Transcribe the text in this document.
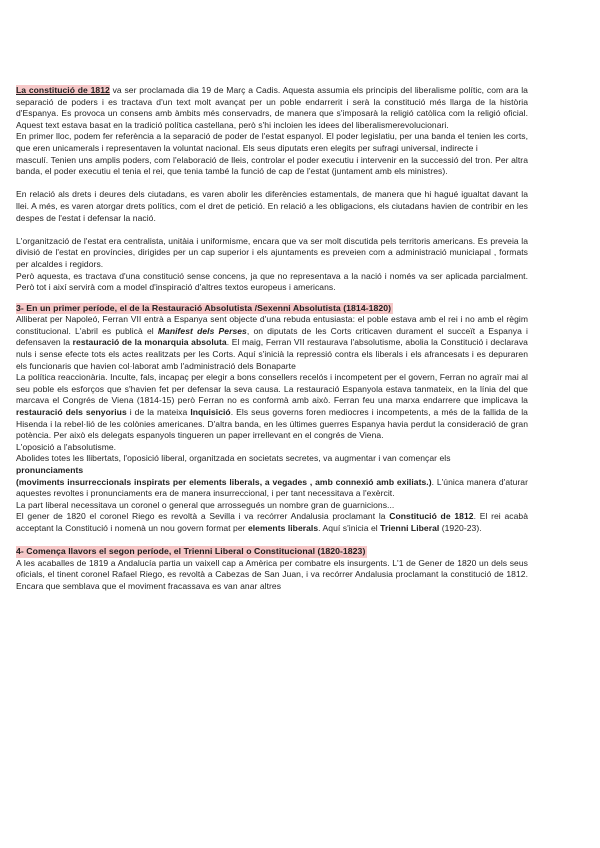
La constitució de 1812 va ser proclamada dia 19 de Març a Cadis. Aquesta assumia els principis del liberalisme polític, com ara la separació de poders i es tractava d'un text molt avançat per un poble endarrerit i serà la constitució més llarga de la història d'Espanya. Es provoca un consens amb àmbits més conservadrs, de manera que s'imposarà la religió catòlica com la religió oficial. Aquest text estava basat en la tradició política castellana, però s'hi incloien les idees del liberalismerevolucionari.

En primer lloc, podem fer referència a la separació de poder de l'estat espanyol. El poder legislatiu, per una banda el tenien les corts, que eren unicamerals i representaven la voluntat nacional. Els seus diputats eren elegits per sufragi universal, indirecte i

masculí. Tenien uns amplis poders, com l'elaboració de lleis, controlar el poder executiu i intervenir en la successió del tron. Per altra banda, el poder executiu el tenia el rei, que tenia també la funció de cap de l'estat (juntament amb els ministres).

En relació als drets i deures dels ciutadans, es varen abolir les diferències estamentals, de manera que hi hagué igualtat davant la llei. A més, es varen atorgar drets polítics, com el dret de petició. En relació a les obligacions, els ciutadans havien de contribir en les despes de l'estat i defensar la nació.

L'organització de l'estat era centralista, unitàia i uniformisme, encara que va ser molt discutida pels territoris americans. Es preveia la divisió de l'estat en províncies, dirigides per un cap superior i els ajuntaments es preveien com a administració municiapal , formats per alcaldes i regidors.

Però aquesta, es tractava d'una constitució sense concens, ja que no representava a la nació i només va ser aplicada parcialment. Però tot i així servirà com a model d'inspiració d'altres textos europeus i americans.

3- En un primer període, el de la Restauració Absolutista /Sexenni Absolutista (1814-1820)

Alliberat per Napoleó, Ferran VII entrà a Espanya sent objecte d'una rebuda entusiasta: el poble estava amb el rei i no amb el règim constitucional. L'abril es publicà el Manifest dels Perses, on diputats de les Corts criticaven durament el succeït a Espanya i defensaven la restauració de la monarquia absoluta. El maig, Ferran VII restaurava l'absolutisme, abolia la Constitució i declarava nuls i sense efecte tots els actes realitzats per les Corts. Aquí s'inicià la repressió contra els liberals i els afrancesats i es depuraren els funcionaris que havien col·laborat amb l'administració dels Bonaparte

La política reaccionària. Inculte, fals, incapaç per elegir a bons consellers recelós i incompetent per el govern, Ferran no agraïr mai al seu poble els esforços que s'havien fet per defensar la seva causa. La restauració Espanyola estava tanmateix, en la línia del que marcava el Congrés de Viena (1814-15) però Ferran no es conformà amb això. Ferran feu una marxa endarrere que implicava la restauració dels senyorius i de la mateixa Inquisició. Els seus governs foren mediocres i incompetents, a més de la fallida de la Hisenda i la rebel·lió de les colònies americanes. D'altra banda, en les últimes guerres Espanya havia perdut la consideració de gran potència. Per això els delegats espanyols tingueren un paper irrellevant en el congrés de Viena.

L'oposició a l'absolutisme.

Abolides totes les llibertats, l'oposició liberal, organitzada en societats secretes, va augmentar i van començar els
pronunciaments

(moviments insurreccionals inspirats per elements liberals, a vegades , amb connexió amb exiliats.). L'única manera d'aturar aquestes revoltes i pronunciaments era de manera insurreccional, i per tant necessitava a l'exèrcit.

La part liberal necessitava un coronel o general que arrossegués un nombre gran de guarnicions...

El gener de 1820 el coronel Riego es revoltà a Sevilla i va recórrer Andalusia proclamant la Constitució de 1812. El rei acabà acceptant la Constitució i nomenà un nou govern format per elements liberals. Aquí s'inicia el Trienni Liberal (1920-23).

4- Comença llavors el segon període, el Trienni Liberal o Constitucional (1820-1823)

A les acaballes de 1819 a Andalucía partia un vaixell cap a Amèrica per combatre els insurgents. L'1 de Gener de 1820 un dels seus oficials, el tinent coronel Rafael Riego, es revoltà a Cabezas de San Juan, i va recórrer Andalusia proclamant la constitució de 1812. Encara que semblava que el moviment fracassava es van anar altres
